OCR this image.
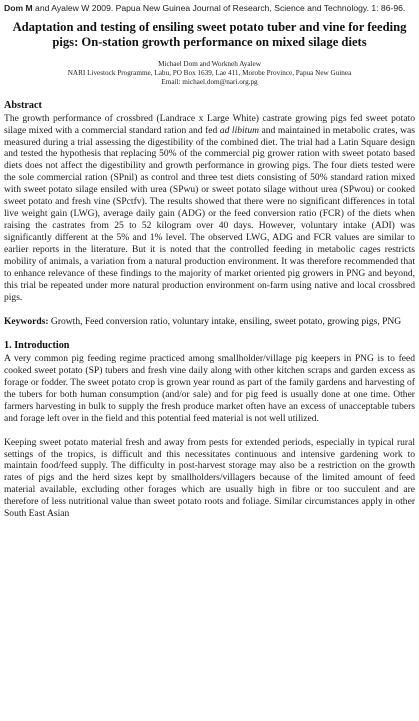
Dom M and Ayalew W 2009. Papua New Guinea Journal of Research, Science and Technology. 1: 86-96.
Adaptation and testing of ensiling sweet potato tuber and vine for feeding pigs: On-station growth performance on mixed silage diets
Michael Dom and Workneh Ayalew
NARI Livestock Programme, Labu, PO Box 1639, Lae 411, Morobe Province, Papua New Guinea
Email: michael.dom@nari.org.pg
Abstract

The growth performance of crossbred (Landrace x Large White) castrate growing pigs fed sweet potato silage mixed with a commercial standard ration and fed ad libitum and maintained in metabolic crates, was measured during a trial assessing the digestibility of the combined diet. The trial had a Latin Square design and tested the hypothesis that replacing 50% of the commercial pig grower ration with sweet potato based diets does not affect the digestibility and growth performance in growing pigs. The four diets tested were the sole commercial ration (SPnil) as control and three test diets consisting of 50% standard ration mixed with sweet potato silage ensiled with urea (SPwu) or sweet potato silage without urea (SPwou) or cooked sweet potato and fresh vine (SPctfv). The results showed that there were no significant differences in total live weight gain (LWG), average daily gain (ADG) or the feed conversion ratio (FCR) of the diets when raising the castrates from 25 to 52 kilogram over 40 days. However, voluntary intake (ADI) was significantly different at the 5% and 1% level. The observed LWG, ADG and FCR values are similar to earlier reports in the literature. But it is noted that the controlled feeding in metabolic cages restricts mobility of animals, a variation from a natural production environment. It was therefore recommended that to enhance relevance of these findings to the majority of market oriented pig growers in PNG and beyond, this trial be repeated under more natural production environment on-farm using native and local crossbred pigs.

Keywords: Growth, Feed conversion ratio, voluntary intake, ensiling, sweet potato, growing pigs, PNG
1. Introduction

A very common pig feeding regime practiced among smallholder/village pig keepers in PNG is to feed cooked sweet potato (SP) tubers and fresh vine daily along with other kitchen scraps and garden excess as forage or fodder. The sweet potato crop is grown year round as part of the family gardens and harvesting of the tubers for both human consumption (and/or sale) and for pig feed is usually done at one time. Other farmers harvesting in bulk to supply the fresh produce market often have an excess of unacceptable tubers and forage left over in the field and this potential feed material is not well utilized.

Keeping sweet potato material fresh and away from pests for extended periods, especially in typical rural settings of the tropics, is difficult and this necessitates continuous and intensive gardening work to maintain food/feed supply. The difficulty in post-harvest storage may also be a restriction on the growth rates of pigs and the herd sizes kept by smallholders/villagers because of the limited amount of feed material available, excluding other forages which are usually high in fibre or too succulent and are therefore of less nutritional value than sweet potato roots and foliage. Similar circumstances apply in other South East Asian
